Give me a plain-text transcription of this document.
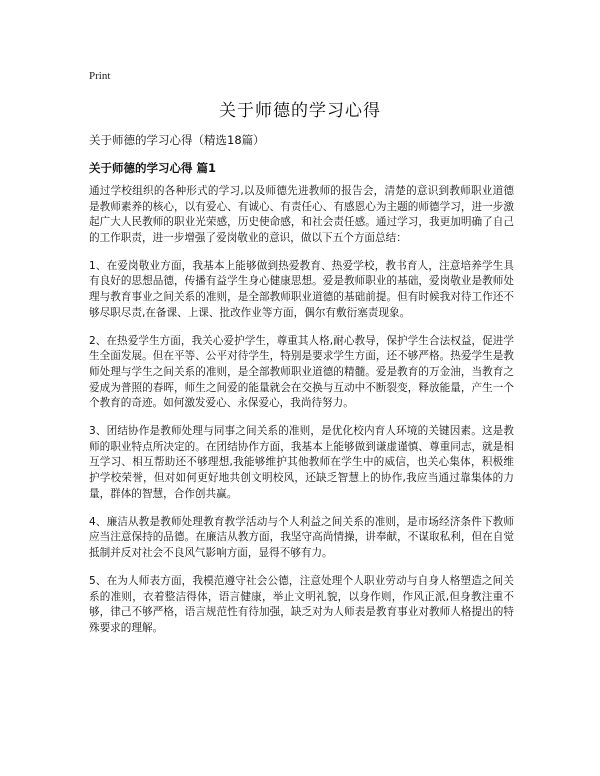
Print
关于师德的学习心得
关于师德的学习心得（精选18篇）
关于师德的学习心得 篇1

通过学校组织的各种形式的学习,以及师德先进教师的报告会，清楚的意识到教师职业道德是教师素养的核心，以有爱心、有诚心、有责任心、有感恩心为主题的师德学习，进一步激起广大人民教师的职业光荣感，历史使命感，和社会责任感。通过学习，我更加明确了自己的工作职责，进一步增强了爱岗敬业的意识，做以下五个方面总结：

1、在爱岗敬业方面，我基本上能够做到热爱教育、热爱学校，教书育人，注意培养学生具有良好的思想品德，传播有益学生身心健康思想。爱是教师职业的基础，爱岗敬业是教师处理与教育事业之间关系的准则，是全部教师职业道德的基础前提。但有时候我对待工作还不够尽职尽责,在备课、上课、批改作业等方面，偶尔有敷衍塞责现象。

2、在热爱学生方面，我关心爱护学生，尊重其人格,耐心教导，保护学生合法权益，促进学生全面发展。但在平等、公平对待学生，特别是要求学生方面，还不够严格。热爱学生是教师处理与学生之间关系的准则，是全部教师职业道德的精髓。爱是教育的万金油，当教育之爱成为普照的春晖，师生之间爱的能量就会在交换与互动中不断裂变，释放能量，产生一个个教育的奇迹。如何激发爱心、永保爱心，我尚待努力。

3、团结协作是教师处理与同事之间关系的准则，是优化校内育人环境的关键因素。这是教师的职业特点所决定的。在团结协作方面，我基本上能够做到谦虚谨慎、尊重同志，就是相互学习、相互帮助还不够理想,我能够维护其他教师在学生中的威信，也关心集体，积极维护学校荣誉，但对如何更好地共创文明校风，还缺乏智慧上的协作,我应当通过靠集体的力量，群体的智慧，合作创共赢。

4、廉洁从教是教师处理教育教学活动与个人利益之间关系的准则，是市场经济条件下教师应当注意保持的品德。在廉洁从教方面，我坚守高尚情操，讲奉献，不谋取私利，但在自觉抵制并反对社会不良风气影响方面，显得不够有力。

5、在为人师表方面，我模范遵守社会公德，注意处理个人职业劳动与自身人格塑造之间关系的准则，衣着整洁得体，语言健康，举止文明礼貌，以身作则，作风正派,但身教注重不够，律己不够严格，语言规范性有待加强，缺乏对为人师表是教育事业对教师人格提出的特殊要求的理解。
